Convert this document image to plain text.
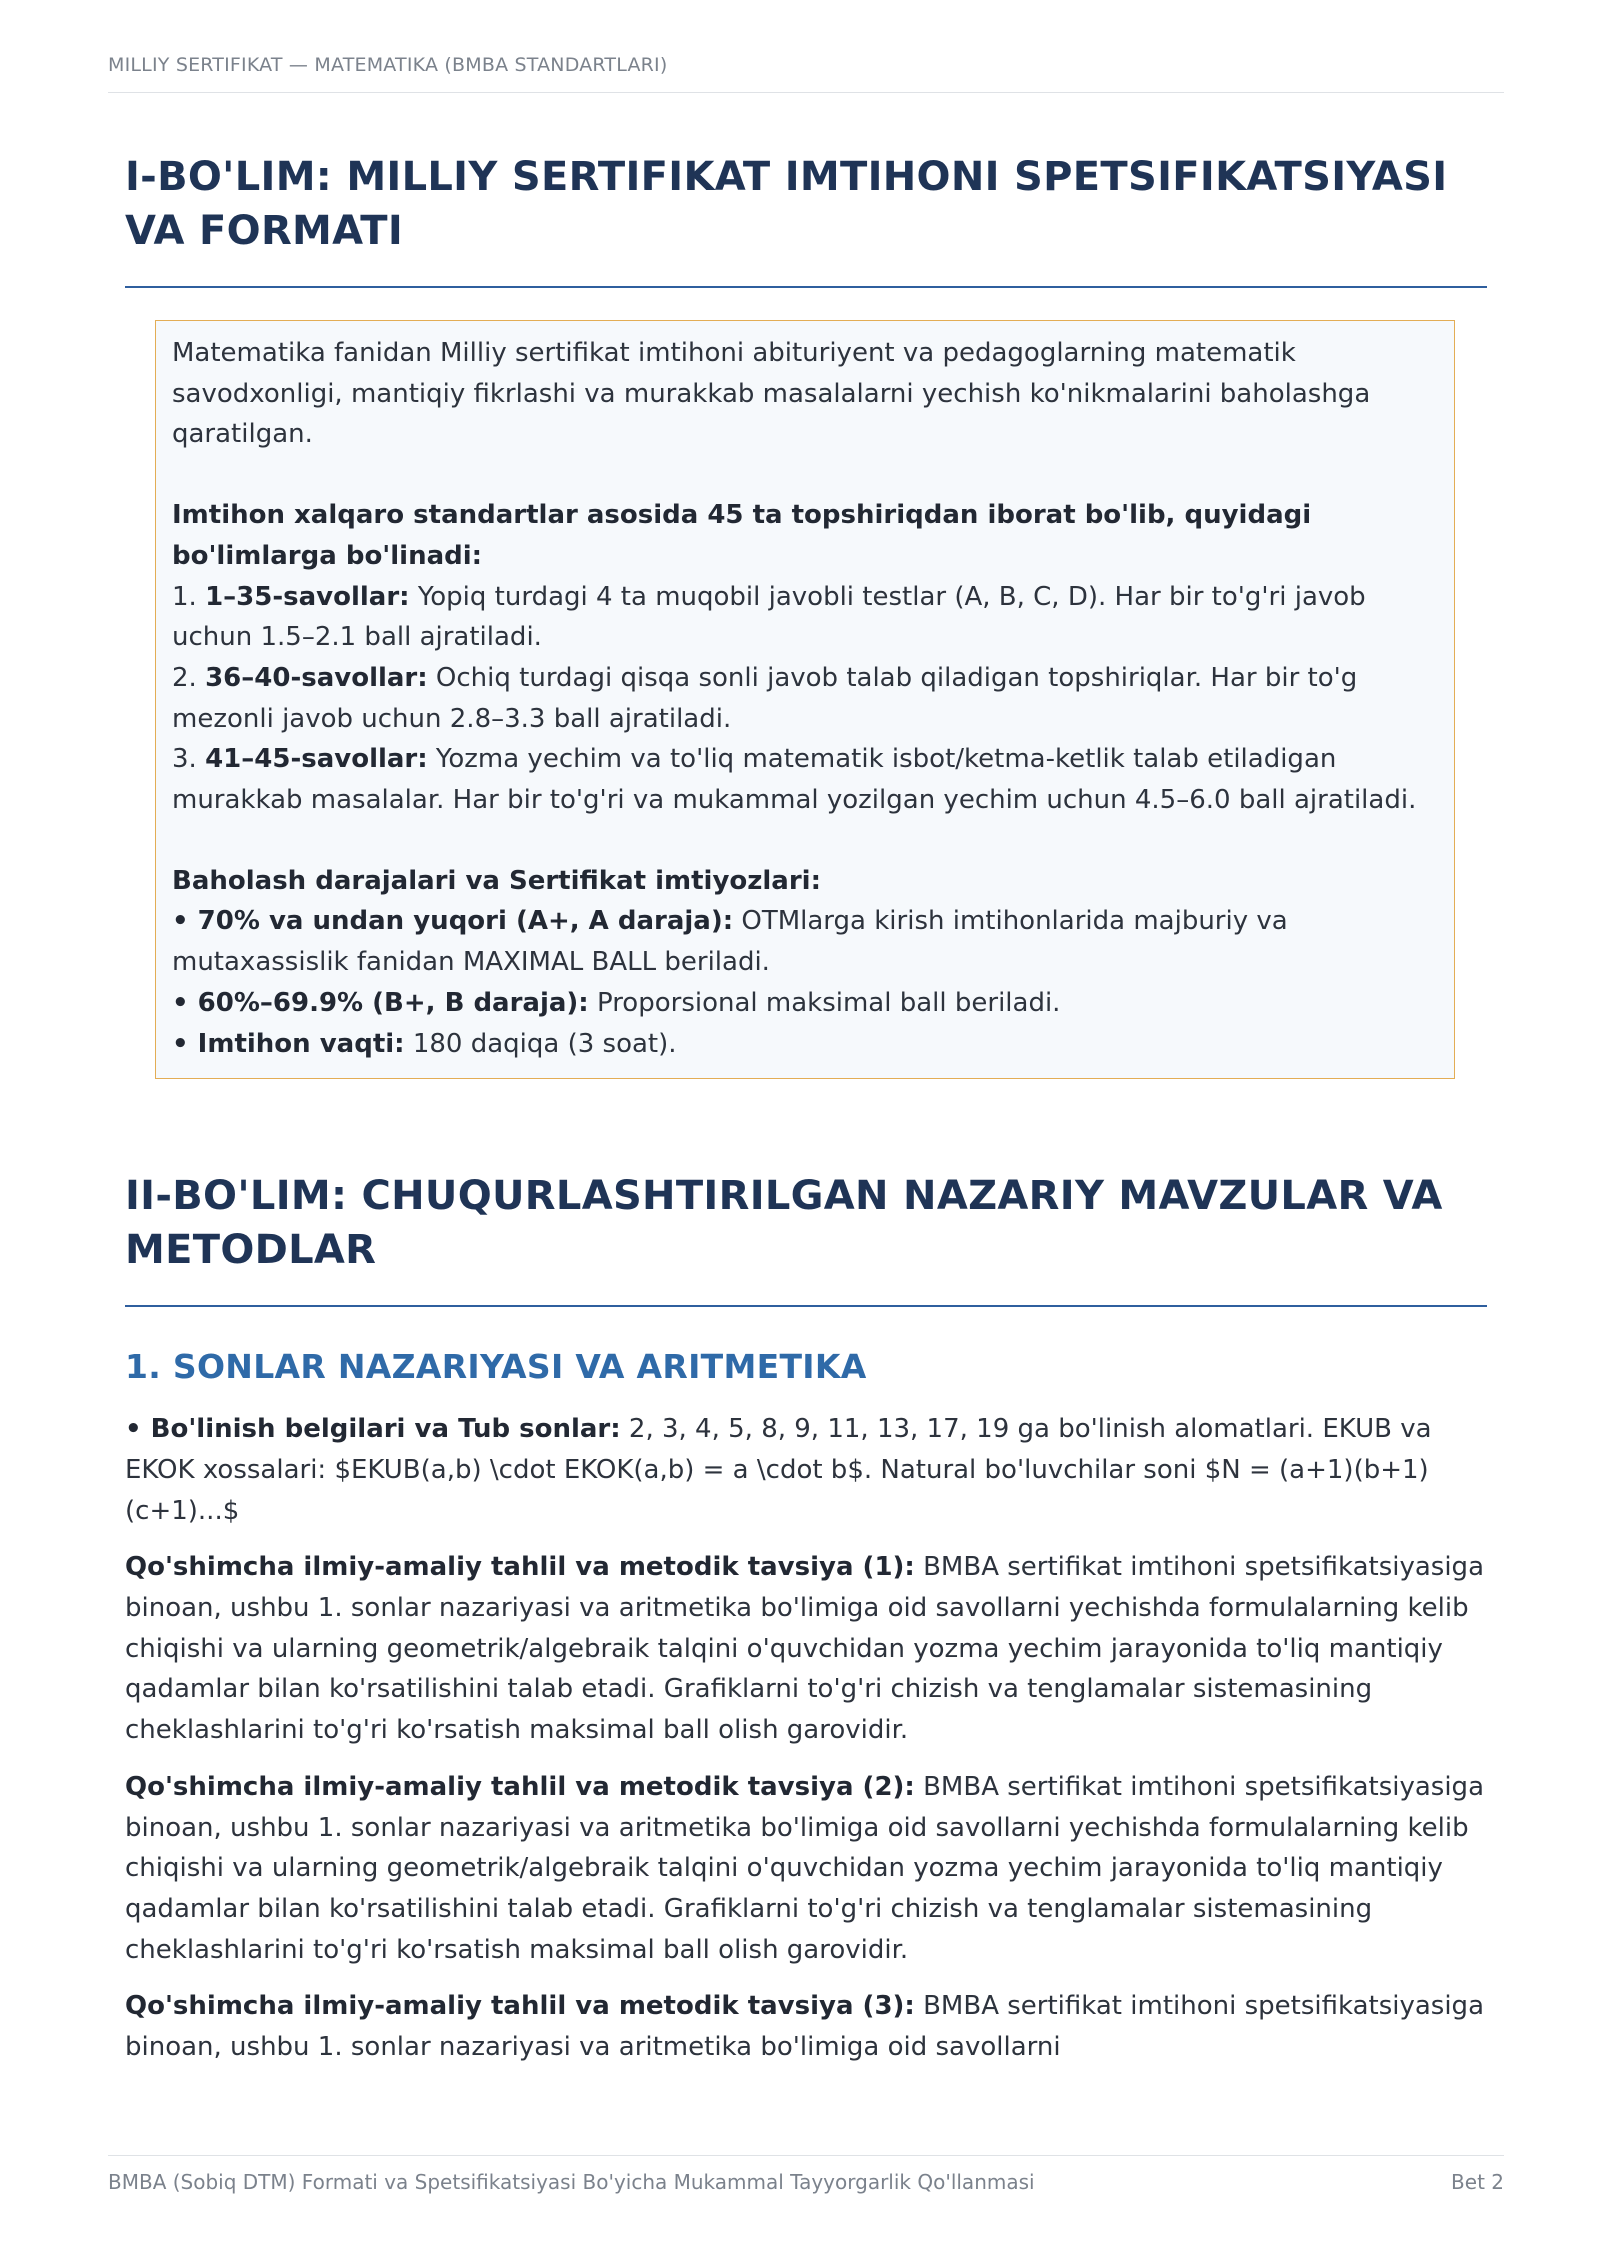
MILLIY SERTIFIKAT — MATEMATIKA (BMBA STANDARTLARI)
I-BO'LIM: MILLIY SERTIFIKAT IMTIHONI SPETSIFIKATSIYASI VA FORMATI
Matematika fanidan Milliy sertifikat imtihoni abituriyent va pedagoglarning matematik savodxonligi, mantiqiy fikrlashi va murakkab masalalarni yechish ko'nikmalarini baholashga qaratilgan.
Imtihon xalqaro standartlar asosida 45 ta topshiriqdan iborat bo'lib, quyidagi bo'limlarga bo'linadi:
1. 1–35-savollar: Yopiq turdagi 4 ta muqobil javobli testlar (A, B, C, D). Har bir to'g'ri javob uchun 1.5–2.1 ball ajratiladi.
2. 36–40-savollar: Ochiq turdagi qisqa sonli javob talab qiladigan topshiriqlar. Har bir to'g mezonli javob uchun 2.8–3.3 ball ajratiladi.
3. 41–45-savollar: Yozma yechim va to'liq matematik isbot/ketma-ketlik talab etiladigan murakkab masalalar. Har bir to'g'ri va mukammal yozilgan yechim uchun 4.5–6.0 ball ajratiladi.
Baholash darajalari va Sertifikat imtiyozlari:
• 70% va undan yuqori (A+, A daraja): OTMlarga kirish imtihonlarida majburiy va mutaxassislik fanidan MAXIMAL BALL beriladi.
• 60%–69.9% (B+, B daraja): Proporsional maksimal ball beriladi.
• Imtihon vaqti: 180 daqiqa (3 soat).
II-BO'LIM: CHUQURLASHTIRILGAN NAZARIY MAVZULAR VA METODLAR
1. SONLAR NAZARIYASI VA ARITMETIKA

• Bo'linish belgilari va Tub sonlar: 2, 3, 4, 5, 8, 9, 11, 13, 17, 19 ga bo'linish alomatlari. EKUB va EKOK xossalari: $EKUB(a,b) \cdot EKOK(a,b) = a \cdot b$. Natural bo'luvchilar soni $N = (a+1)(b+1)(c+1)...$

Qo'shimcha ilmiy-amaliy tahlil va metodik tavsiya (1): BMBA sertifikat imtihoni spetsifikatsiyasiga binoan, ushbu 1. sonlar nazariyasi va aritmetika bo'limiga oid savollarni yechishda formulalarning kelib chiqishi va ularning geometrik/algebraik talqini o'quvchidan yozma yechim jarayonida to'liq mantiqiy qadamlar bilan ko'rsatilishini talab etadi. Grafiklarni to'g'ri chizish va tenglamalar sistemasining cheklashlarini to'g'ri ko'rsatish maksimal ball olish garovidir.

Qo'shimcha ilmiy-amaliy tahlil va metodik tavsiya (2): BMBA sertifikat imtihoni spetsifikatsiyasiga binoan, ushbu 1. sonlar nazariyasi va aritmetika bo'limiga oid savollarni yechishda formulalarning kelib chiqishi va ularning geometrik/algebraik talqini o'quvchidan yozma yechim jarayonida to'liq mantiqiy qadamlar bilan ko'rsatilishini talab etadi. Grafiklarni to'g'ri chizish va tenglamalar sistemasining cheklashlarini to'g'ri ko'rsatish maksimal ball olish garovidir.

Qo'shimcha ilmiy-amaliy tahlil va metodik tavsiya (3): BMBA sertifikat imtihoni spetsifikatsiyasiga binoan, ushbu 1. sonlar nazariyasi va aritmetika bo'limiga oid savollarni

BMBA (Sobiq DTM) Formati va Spetsifikatsiyasi Bo'yicha Mukammal Tayyorgarlik Qo'llanmasi	Bet 2
